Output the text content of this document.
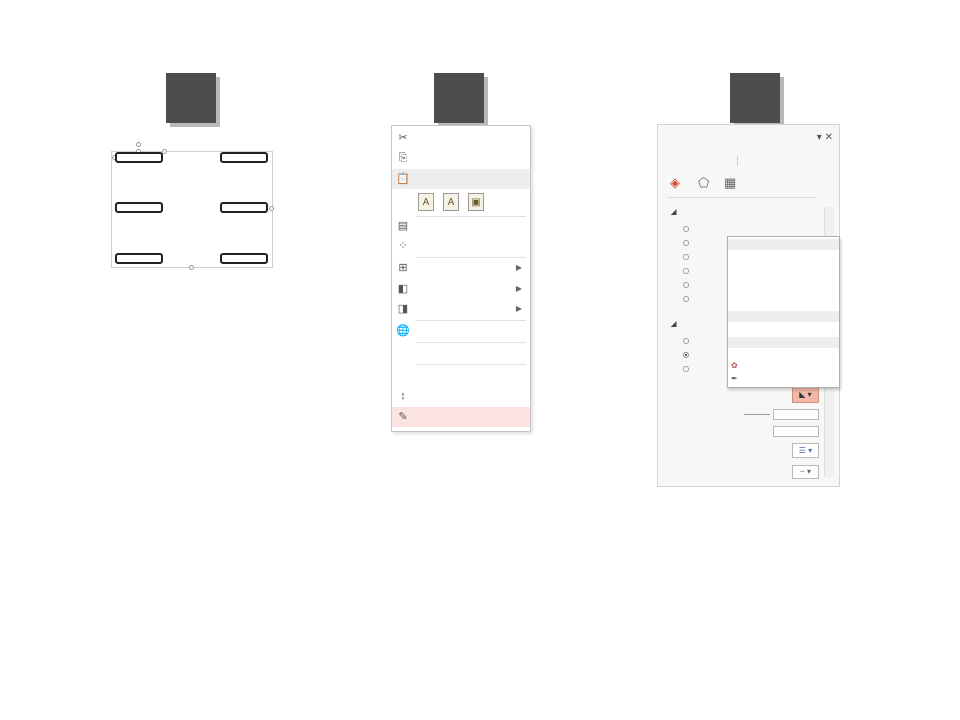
✂
⎘
📋
A	A	▣
▤
⁘
⊞	▶
◧	▶
◨	▶
🌐
↕
✎
▾ ✕
◈ ⬠ ▦
◢
◢
◣ ▾
☰ ▾
┄ ▾
✿
✒
